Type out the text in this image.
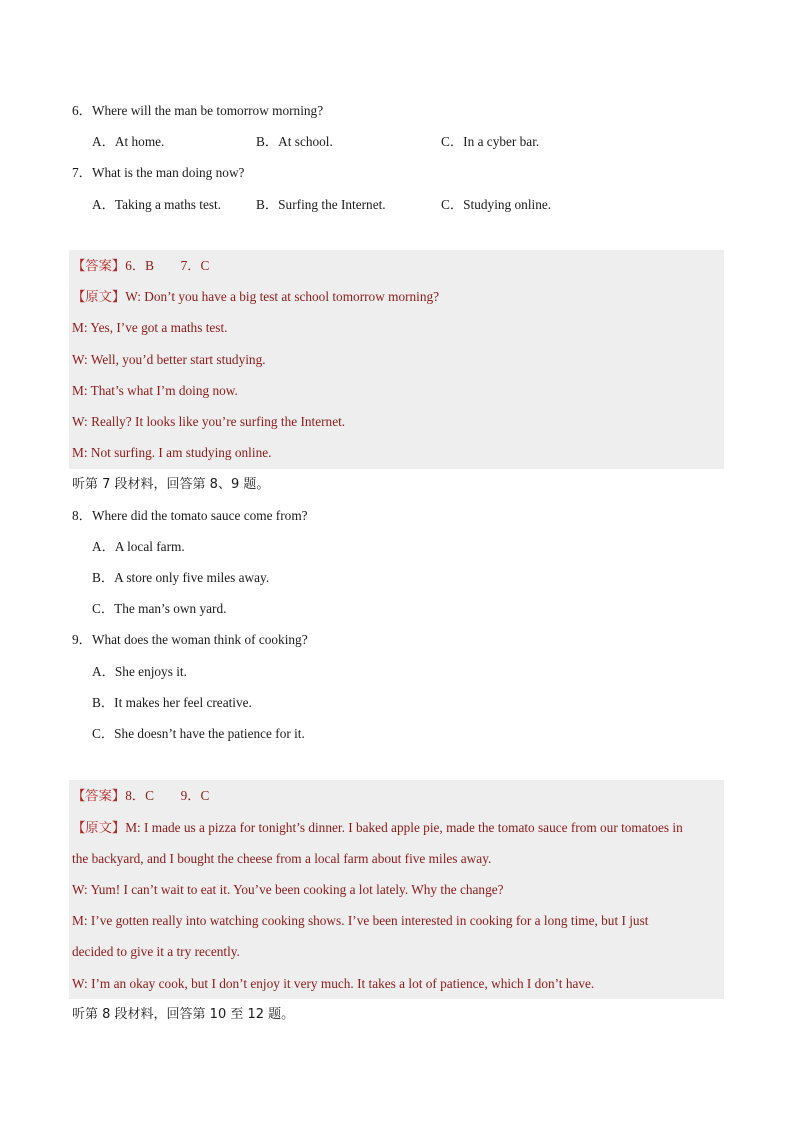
6．Where will the man be tomorrow morning?
A．At home.	B．At school.	C．In a cyber bar.
7．What is the man doing now?
A．Taking a maths test.	B．Surfing the Internet.	C．Studying online.
【答案】6．B　　7．C
【原文】W: Don’t you have a big test at school tomorrow morning?
M: Yes, I’ve got a maths test.
W: Well, you’d better start studying.
M: That’s what I’m doing now.
W: Really? It looks like you’re surfing the Internet.
M: Not surfing. I am studying online.
听第 7 段材料，回答第 8、9 题。
8．Where did the tomato sauce come from?
A．A local farm.
B．A store only five miles away.
C．The man’s own yard.
9．What does the woman think of cooking?
A．She enjoys it.
B．It makes her feel creative.
C．She doesn’t have the patience for it.
【答案】8．C　　9．C
【原文】M: I made us a pizza for tonight’s dinner. I baked apple pie, made the tomato sauce from our tomatoes in
the backyard, and I bought the cheese from a local farm about five miles away.
W: Yum! I can’t wait to eat it. You’ve been cooking a lot lately. Why the change?
M: I’ve gotten really into watching cooking shows. I’ve been interested in cooking for a long time, but I just
decided to give it a try recently.
W: I’m an okay cook, but I don’t enjoy it very much. It takes a lot of patience, which I don’t have.
听第 8 段材料，回答第 10 至 12 题。
